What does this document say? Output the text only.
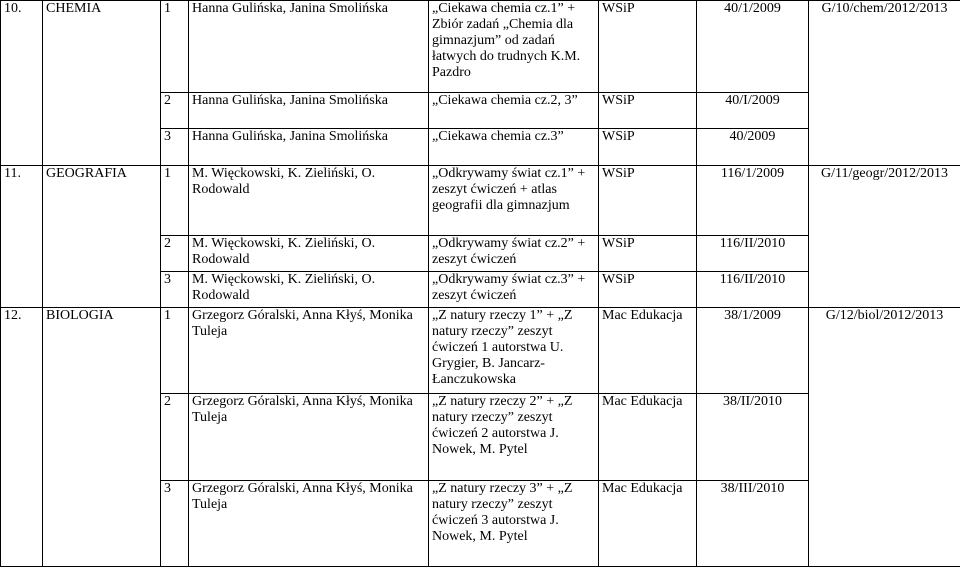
10.	CHEMIA	1	Hanna Gulińska, Janina Smolińska	„Ciekawa chemia cz.1” + Zbiór zadań „Chemia dla gimnazjum” od zadań łatwych do trudnych K.M. Pazdro	WSiP	40/1/2009	G/10/chem/2012/2013
		2	Hanna Gulińska, Janina Smolińska	„Ciekawa chemia cz.2, 3”	WSiP	40/I/2009	
		3	Hanna Gulińska, Janina Smolińska	„Ciekawa chemia cz.3”	WSiP	40/2009	
11.	GEOGRAFIA	1	M. Więckowski, K. Zieliński, O. Rodowald	„Odkrywamy świat cz.1” + zeszyt ćwiczeń + atlas geografii dla gimnazjum	WSiP	116/1/2009	G/11/geogr/2012/2013
		2	M. Więckowski, K. Zieliński, O. Rodowald	„Odkrywamy świat cz.2” + zeszyt ćwiczeń	WSiP	116/II/2010	
		3	M. Więckowski, K. Zieliński, O. Rodowald	„Odkrywamy świat cz.3” + zeszyt ćwiczeń	WSiP	116/II/2010	
12.	BIOLOGIA	1	Grzegorz Góralski, Anna Kłyś, Monika Tuleja	„Z natury rzeczy 1” + „Z natury rzeczy” zeszyt ćwiczeń 1 autorstwa U. Grygier, B. Jancarz- Łanczukowska	Mac Edukacja	38/1/2009	G/12/biol/2012/2013
		2	Grzegorz Góralski, Anna Kłyś, Monika Tuleja	„Z natury rzeczy 2” + „Z natury rzeczy” zeszyt ćwiczeń 2 autorstwa J. Nowek, M. Pytel	Mac Edukacja	38/II/2010	
		3	Grzegorz Góralski, Anna Kłyś, Monika Tuleja	„Z natury rzeczy 3” + „Z natury rzeczy” zeszyt ćwiczeń 3 autorstwa J. Nowek, M. Pytel	Mac Edukacja	38/III/2010	
